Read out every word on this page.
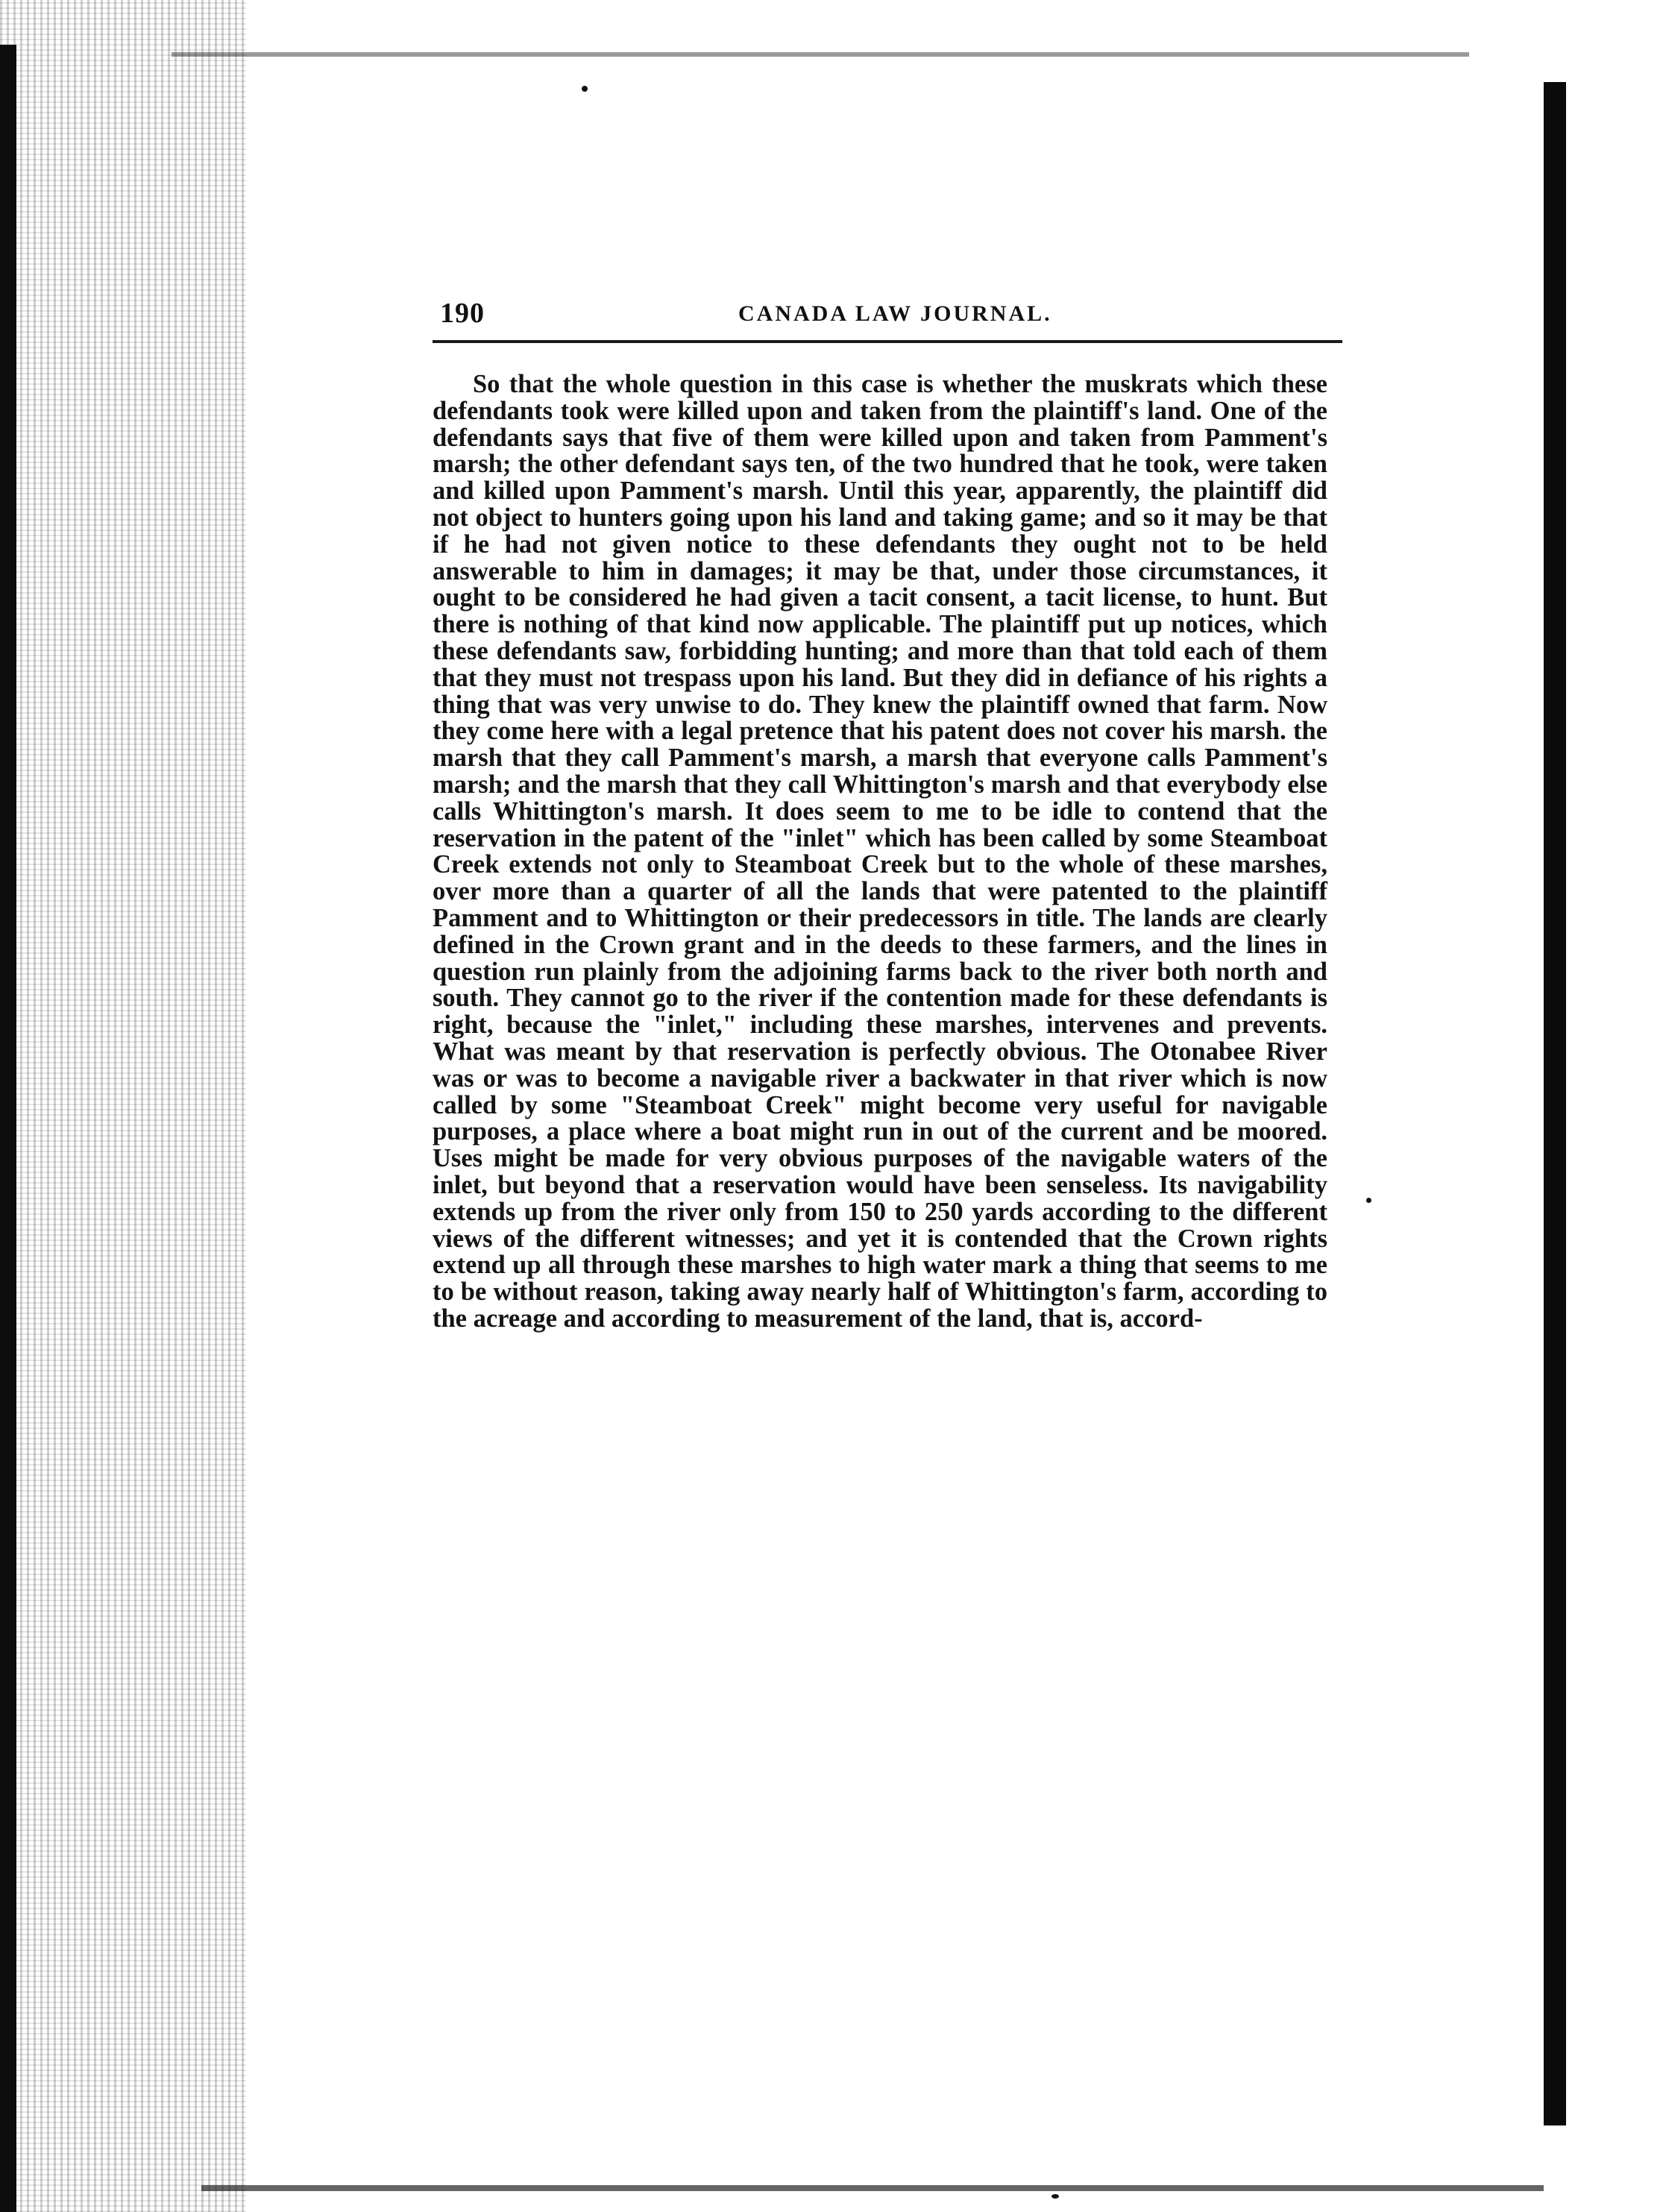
190	CANADA LAW JOURNAL.

So that the whole question in this case is whether the muskrats which these defendants took were killed upon and taken from the plaintiff's land. One of the defendants says that five of them were killed upon and taken from Pamment's marsh; the other defendant says ten, of the two hundred that he took, were taken and killed upon Pamment's marsh. Until this year, apparently, the plaintiff did not object to hunters going upon his land and taking game; and so it may be that if he had not given notice to these defendants they ought not to be held answerable to him in damages; it may be that, under those circumstances, it ought to be considered he had given a tacit consent, a tacit license, to hunt. But there is nothing of that kind now applicable. The plaintiff put up notices, which these defendants saw, forbidding hunting; and more than that told each of them that they must not trespass upon his land. But they did in defiance of his rights a thing that was very unwise to do. They knew the plaintiff owned that farm. Now they come here with a legal pretence that his patent does not cover his marsh. the marsh that they call Pamment's marsh, a marsh that everyone calls Pamment's marsh; and the marsh that they call Whittington's marsh and that everybody else calls Whittington's marsh. It does seem to me to be idle to contend that the reservation in the patent of the "inlet" which has been called by some Steamboat Creek extends not only to Steamboat Creek but to the whole of these marshes, over more than a quarter of all the lands that were patented to the plaintiff Pamment and to Whittington or their predecessors in title. The lands are clearly defined in the Crown grant and in the deeds to these farmers, and the lines in question run plainly from the adjoining farms back to the river both north and south. They cannot go to the river if the contention made for these defendants is right, because the "inlet," including these marshes, intervenes and prevents. What was meant by that reservation is perfectly obvious. The Otonabee River was or was to become a navigable river a backwater in that river which is now called by some "Steamboat Creek" might become very useful for navigable purposes, a place where a boat might run in out of the current and be moored. Uses might be made for very obvious purposes of the navigable waters of the inlet, but beyond that a reservation would have been senseless. Its navigability extends up from the river only from 150 to 250 yards according to the different views of the different witnesses; and yet it is contended that the Crown rights extend up all through these marshes to high water mark a thing that seems to me to be without reason, taking away nearly half of Whittington's farm, according to the acreage and according to measurement of the land, that is, accord-
